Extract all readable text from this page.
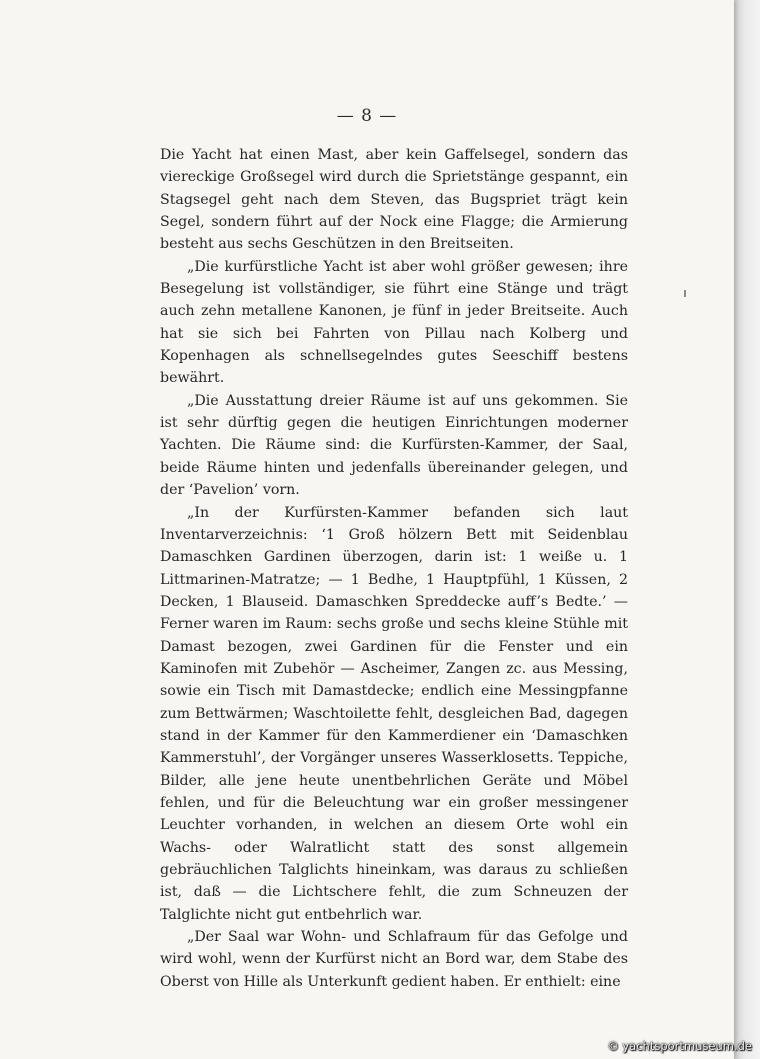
— 8 —

Die Yacht hat einen Mast, aber kein Gaffelsegel, sondern das viereckige Großsegel wird durch die Sprietstänge gespannt, ein Stagsegel geht nach dem Steven, das Bugspriet trägt kein Segel, sondern führt auf der Nock eine Flagge; die Armierung besteht aus sechs Geschützen in den Breitseiten.

„Die kurfürstliche Yacht ist aber wohl größer gewesen; ihre Besegelung ist vollständiger, sie führt eine Stänge und trägt auch zehn metallene Kanonen, je fünf in jeder Breitseite. Auch hat sie sich bei Fahrten von Pillau nach Kolberg und Kopenhagen als schnellsegelndes gutes Seeschiff bestens bewährt.

„Die Ausstattung dreier Räume ist auf uns gekommen. Sie ist sehr dürftig gegen die heutigen Einrichtungen moderner Yachten. Die Räume sind: die Kurfürsten-Kammer, der Saal, beide Räume hinten und jedenfalls übereinander gelegen, und der ‘Pavelion’ vorn.

„In der Kurfürsten-Kammer befanden sich laut Inventarverzeichnis: ‘1 Groß hölzern Bett mit Seidenblau Damaschken Gardinen überzogen, darin ist: 1 weiße u. 1 Littmarinen-Matratze; — 1 Bedhe, 1 Hauptpfühl, 1 Küssen, 2 Decken, 1 Blauseid. Damaschken Spreddecke auff’s Bedte.’ — Ferner waren im Raum: sechs große und sechs kleine Stühle mit Damast bezogen, zwei Gardinen für die Fenster und ein Kaminofen mit Zubehör — Ascheimer, Zangen zc. aus Messing, sowie ein Tisch mit Damastdecke; endlich eine Messingpfanne zum Bettwärmen; Waschtoilette fehlt, desgleichen Bad, dagegen stand in der Kammer für den Kammerdiener ein ‘Damaschken Kammerstuhl’, der Vorgänger unseres Wasserklosetts. Teppiche, Bilder, alle jene heute unentbehrlichen Geräte und Möbel fehlen, und für die Beleuchtung war ein großer messingener Leuchter vorhanden, in welchen an diesem Orte wohl ein Wachs- oder Walratlicht statt des sonst allgemein gebräuchlichen Talglichts hineinkam, was daraus zu schließen ist, daß — die Lichtschere fehlt, die zum Schneuzen der Talglichte nicht gut entbehrlich war.

„Der Saal war Wohn- und Schlafraum für das Gefolge und wird wohl, wenn der Kurfürst nicht an Bord war, dem Stabe des Oberst von Hille als Unterkunft gedient haben. Er enthielt: eine

© yachtsportmuseum.de
